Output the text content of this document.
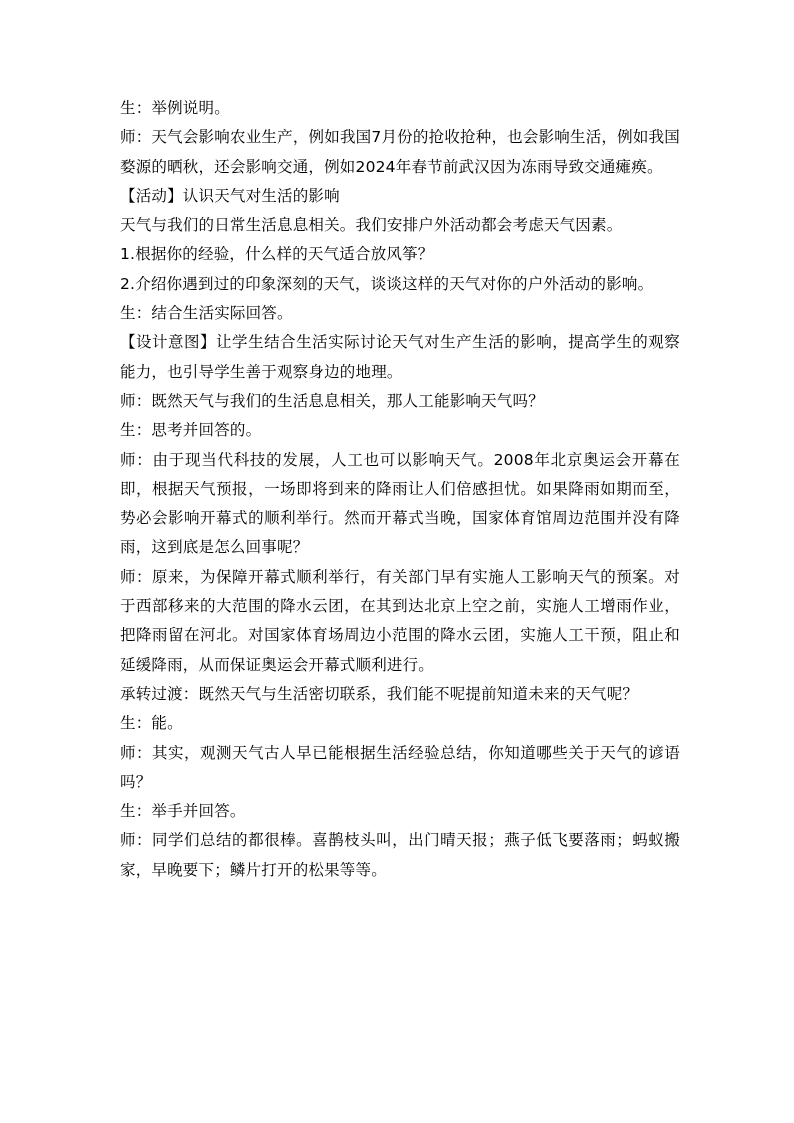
生：举例说明。

师：天气会影响农业生产，例如我国7月份的抢收抢种，也会影响生活，例如我国婺源的晒秋，还会影响交通，例如2024年春节前武汉因为冻雨导致交通瘫痪。

【活动】认识天气对生活的影响

天气与我们的日常生活息息相关。我们安排户外活动都会考虑天气因素。

1.根据你的经验，什么样的天气适合放风筝？

2.介绍你遇到过的印象深刻的天气，谈谈这样的天气对你的户外活动的影响。

生：结合生活实际回答。

【设计意图】让学生结合生活实际讨论天气对生产生活的影响，提高学生的观察能力，也引导学生善于观察身边的地理。

师：既然天气与我们的生活息息相关，那人工能影响天气吗？

生：思考并回答的。

师：由于现当代科技的发展，人工也可以影响天气。2008年北京奥运会开幕在即，根据天气预报，一场即将到来的降雨让人们倍感担忧。如果降雨如期而至，势必会影响开幕式的顺利举行。然而开幕式当晚，国家体育馆周边范围并没有降雨，这到底是怎么回事呢？

师：原来，为保障开幕式顺利举行，有关部门早有实施人工影响天气的预案。对于西部移来的大范围的降水云团，在其到达北京上空之前，实施人工增雨作业，把降雨留在河北。对国家体育场周边小范围的降水云团，实施人工干预，阻止和延缓降雨，从而保证奥运会开幕式顺利进行。

承转过渡：既然天气与生活密切联系，我们能不呢提前知道未来的天气呢？

生：能。

师：其实，观测天气古人早已能根据生活经验总结，你知道哪些关于天气的谚语吗？

生：举手并回答。

师：同学们总结的都很棒。喜鹊枝头叫，出门晴天报；燕子低飞要落雨；蚂蚁搬家，早晚要下；鳞片打开的松果等等。
